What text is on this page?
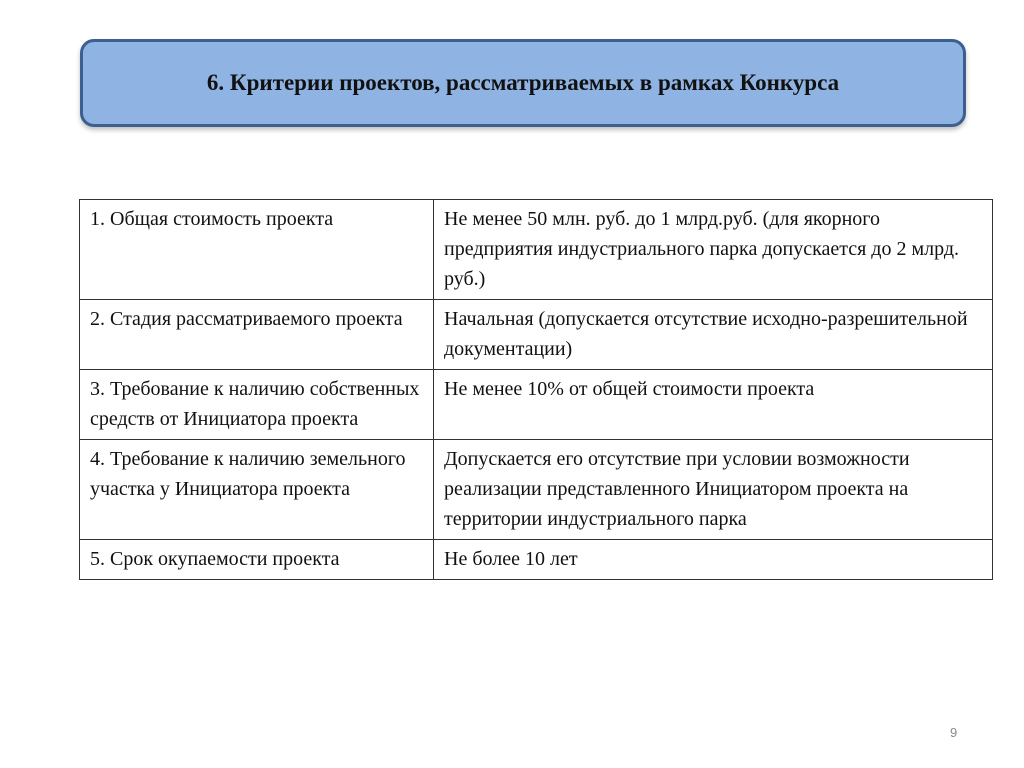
6. Критерии проектов, рассматриваемых в рамках Конкурса
1. Общая стоимость проекта	Не менее 50 млн. руб. до 1 млрд.руб. (для якорного предприятия индустриального парка допускается до 2 млрд. руб.)
2. Стадия рассматриваемого проекта	Начальная (допускается отсутствие исходно-разрешительной документации)
3. Требование к наличию собственных средств от Инициатора проекта	Не менее 10% от общей стоимости проекта
4. Требование к наличию земельного участка у Инициатора проекта	Допускается его отсутствие при условии возможности реализации представленного Инициатором проекта на территории индустриального парка
5. Срок окупаемости проекта	Не более 10 лет
9
